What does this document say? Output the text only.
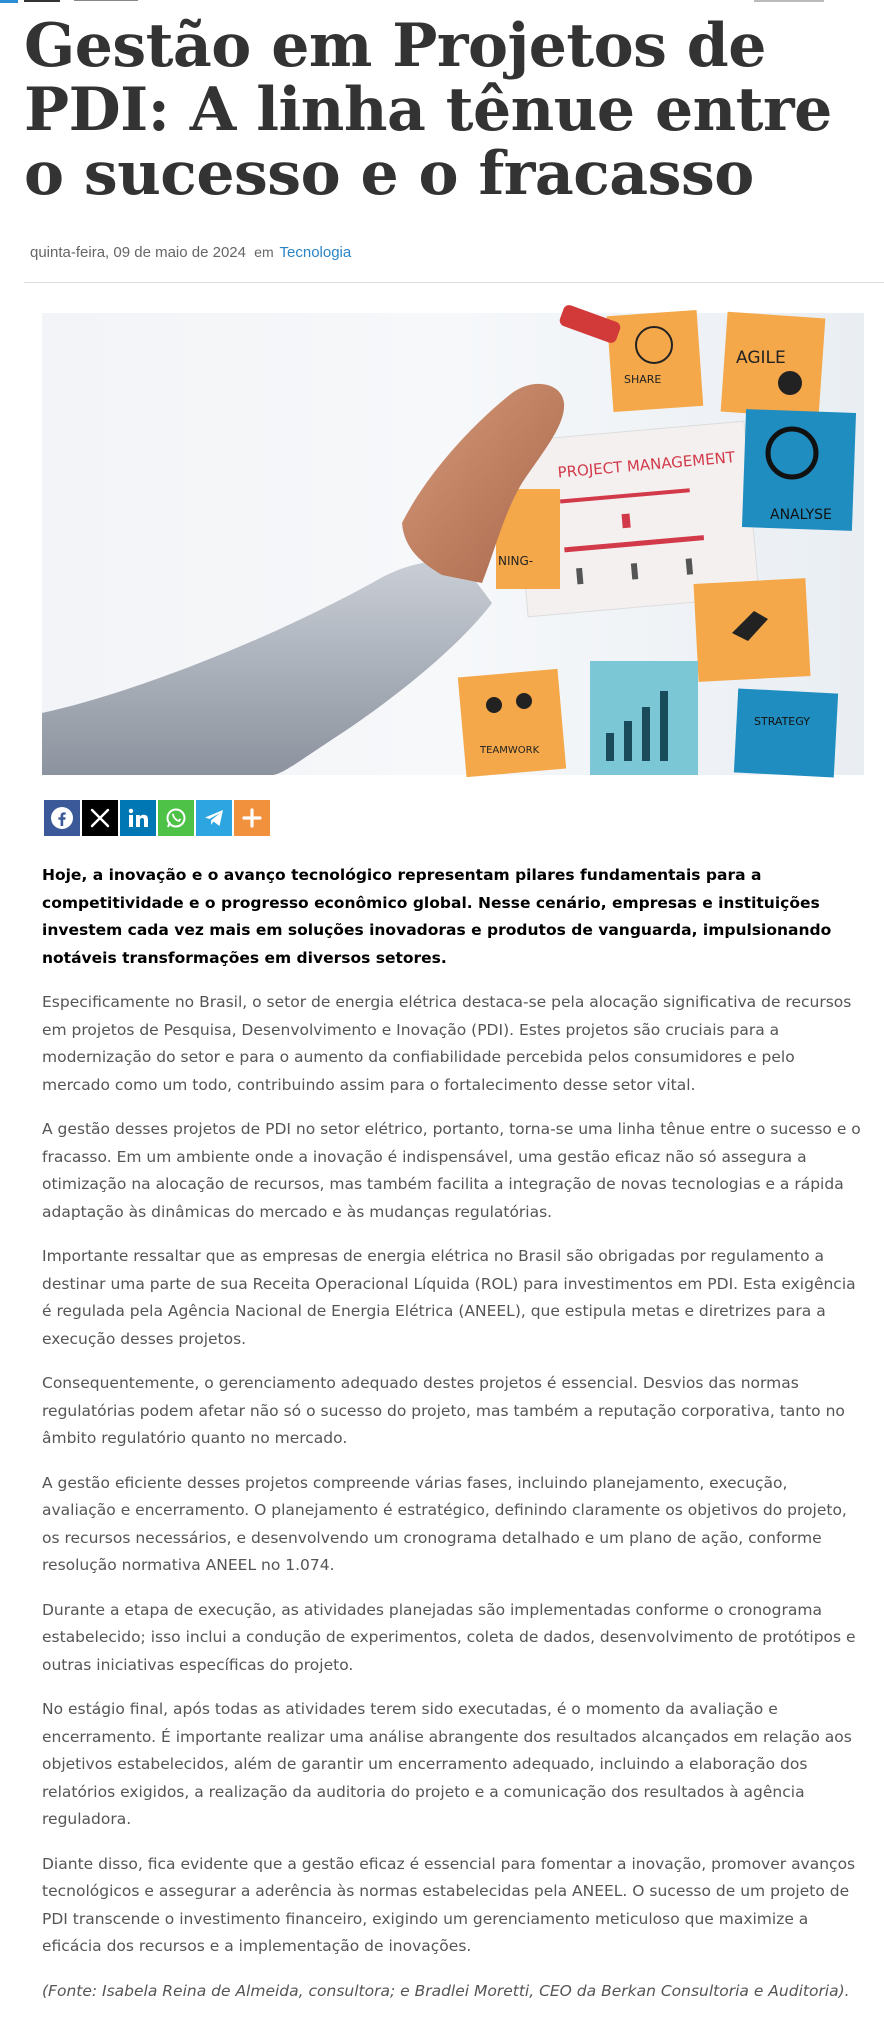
Gestão em Projetos de PDI: A linha tênue entre o sucesso e o fracasso
quinta-feira, 09 de maio de 2024 em Tecnologia
PROJECT MANAGEMENT
SHARE
AGILE
ANALYSE
NING-
TEAMWORK
STRATEGY

Hoje, a inovação e o avanço tecnológico representam pilares fundamentais para a competitividade e o progresso econômico global. Nesse cenário, empresas e instituições investem cada vez mais em soluções inovadoras e produtos de vanguarda, impulsionando notáveis transformações em diversos setores.

Especificamente no Brasil, o setor de energia elétrica destaca-se pela alocação significativa de recursos em projetos de Pesquisa, Desenvolvimento e Inovação (PDI). Estes projetos são cruciais para a modernização do setor e para o aumento da confiabilidade percebida pelos consumidores e pelo mercado como um todo, contribuindo assim para o fortalecimento desse setor vital.

A gestão desses projetos de PDI no setor elétrico, portanto, torna-se uma linha tênue entre o sucesso e o fracasso. Em um ambiente onde a inovação é indispensável, uma gestão eficaz não só assegura a otimização na alocação de recursos, mas também facilita a integração de novas tecnologias e a rápida adaptação às dinâmicas do mercado e às mudanças regulatórias.

Importante ressaltar que as empresas de energia elétrica no Brasil são obrigadas por regulamento a destinar uma parte de sua Receita Operacional Líquida (ROL) para investimentos em PDI. Esta exigência é regulada pela Agência Nacional de Energia Elétrica (ANEEL), que estipula metas e diretrizes para a execução desses projetos.

Consequentemente, o gerenciamento adequado destes projetos é essencial. Desvios das normas regulatórias podem afetar não só o sucesso do projeto, mas também a reputação corporativa, tanto no âmbito regulatório quanto no mercado.

A gestão eficiente desses projetos compreende várias fases, incluindo planejamento, execução, avaliação e encerramento. O planejamento é estratégico, definindo claramente os objetivos do projeto, os recursos necessários, e desenvolvendo um cronograma detalhado e um plano de ação, conforme resolução normativa ANEEL no 1.074.

Durante a etapa de execução, as atividades planejadas são implementadas conforme o cronograma estabelecido; isso inclui a condução de experimentos, coleta de dados, desenvolvimento de protótipos e outras iniciativas específicas do projeto.

No estágio final, após todas as atividades terem sido executadas, é o momento da avaliação e encerramento. É importante realizar uma análise abrangente dos resultados alcançados em relação aos objetivos estabelecidos, além de garantir um encerramento adequado, incluindo a elaboração dos relatórios exigidos, a realização da auditoria do projeto e a comunicação dos resultados à agência reguladora.

Diante disso, fica evidente que a gestão eficaz é essencial para fomentar a inovação, promover avanços tecnológicos e assegurar a aderência às normas estabelecidas pela ANEEL. O sucesso de um projeto de PDI transcende o investimento financeiro, exigindo um gerenciamento meticuloso que maximize a eficácia dos recursos e a implementação de inovações.

(Fonte: Isabela Reina de Almeida, consultora; e Bradlei Moretti, CEO da Berkan Consultoria e Auditoria).
